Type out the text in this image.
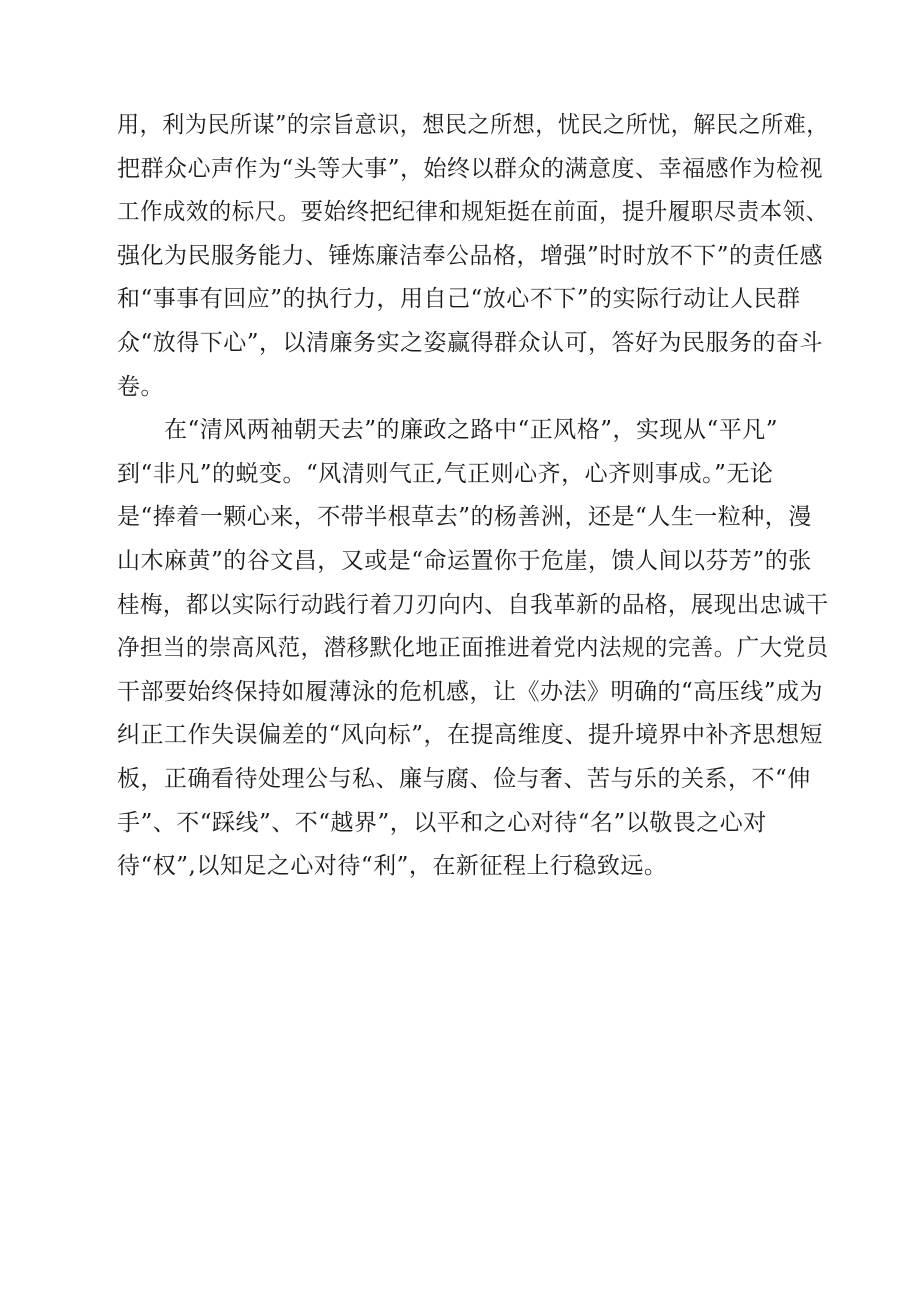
用，利为民所谋”的宗旨意识，想民之所想，忧民之所忧，解民之所难，
把群众心声作为“头等大事”，始终以群众的满意度、幸福感作为检视
工作成效的标尺。要始终把纪律和规矩挺在前面，提升履职尽责本领、
强化为民服务能力、锤炼廉洁奉公品格，增强”时时放不下”的责任感
和“事事有回应”的执行力，用自己“放心不下”的实际行动让人民群
众“放得下心”，以清廉务实之姿赢得群众认可，答好为民服务的奋斗
卷。
　　在“清风两袖朝天去”的廉政之路中“正风格”，实现从“平凡”
到“非凡”的蜕变。“风清则气正,气正则心齐，心齐则事成。”无论
是“捧着一颗心来，不带半根草去”的杨善洲，还是“人生一粒种，漫
山木麻黄”的谷文昌，又或是“命运置你于危崖，馈人间以芬芳”的张
桂梅，都以实际行动践行着刀刃向内、自我革新的品格，展现出忠诚干
净担当的崇高风范，潜移默化地正面推进着党内法规的完善。广大党员
干部要始终保持如履薄泳的危机感，让《办法》明确的“高压线”成为
纠正工作失误偏差的“风向标”，在提高维度、提升境界中补齐思想短
板，正确看待处理公与私、廉与腐、俭与奢、苦与乐的关系，不“伸
手”、不“踩线”、不“越界”，以平和之心对待“名”以敬畏之心对
待“权”,以知足之心对待“利”，在新征程上行稳致远。
